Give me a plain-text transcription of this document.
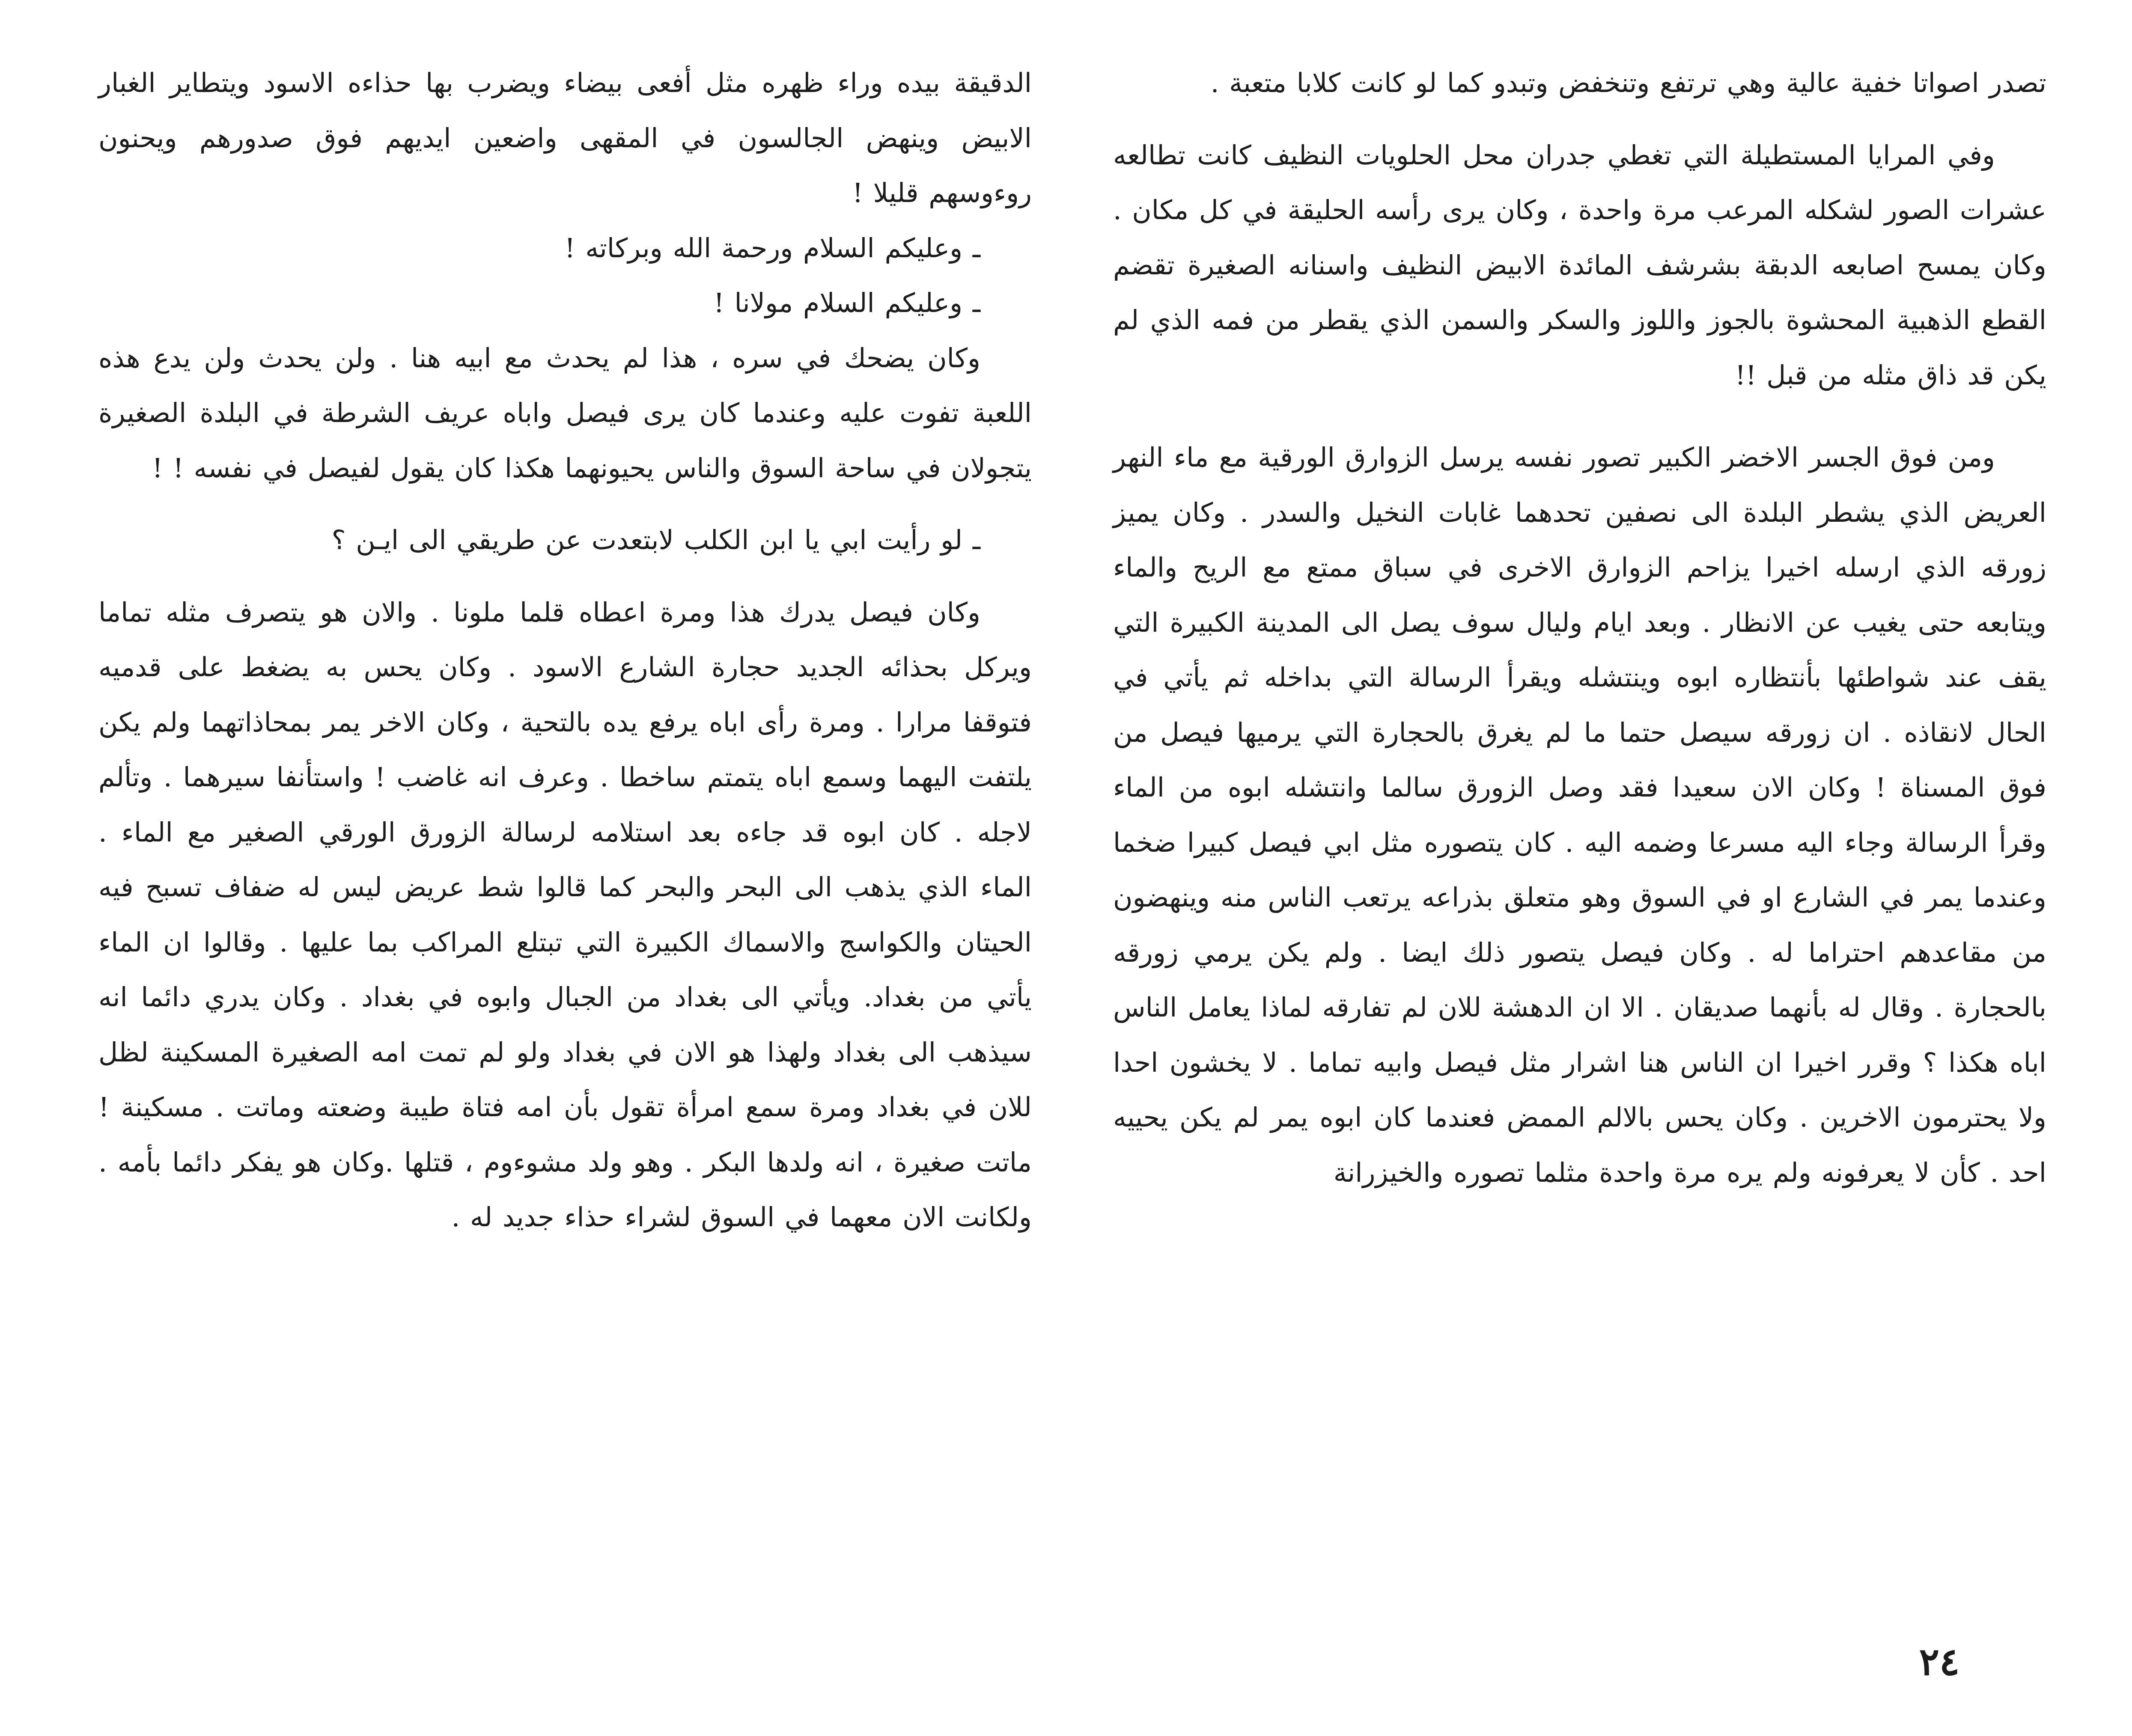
تصدر اصواتا خفية عالية وهي ترتفع وتنخفض وتبدو كما لو كانت كلابا متعبة .

وفي المرايا المستطيلة التي تغطي جدران محل الحلويات النظيف كانت تطالعه عشرات الصور لشكله المرعب مرة واحدة ، وكان يرى رأسه الحليقة في كل مكان . وكان يمسح اصابعه الدبقة بشرشف المائدة الابيض النظيف واسنانه الصغيرة تقضم القطع الذهبية المحشوة بالجوز واللوز والسكر والسمن الذي يقطر من فمه الذي لم يكن قد ذاق مثله من قبل !!

ومن فوق الجسر الاخضر الكبير تصور نفسه يرسل الزوارق الورقية مع ماء النهر العريض الذي يشطر البلدة الى نصفين تحدهما غابات النخيل والسدر . وكان يميز زورقه الذي ارسله اخيرا يزاحم الزوارق الاخرى في سباق ممتع مع الريح والماء ويتابعه حتى يغيب عن الانظار . وبعد ايام وليال سوف يصل الى المدينة الكبيرة التي يقف عند شواطئها بأنتظاره ابوه وينتشله ويقرأ الرسالة التي بداخله ثم يأتي في الحال لانقاذه . ان زورقه سيصل حتما ما لم يغرق بالحجارة التي يرميها فيصل من فوق المسناة ! وكان الان سعيدا فقد وصل الزورق سالما وانتشله ابوه من الماء وقرأ الرسالة وجاء اليه مسرعا وضمه اليه . كان يتصوره مثل ابي فيصل كبيرا ضخما وعندما يمر في الشارع او في السوق وهو متعلق بذراعه يرتعب الناس منه وينهضون من مقاعدهم احتراما له . وكان فيصل يتصور ذلك ايضا . ولم يكن يرمي زورقه بالحجارة . وقال له بأنهما صديقان . الا ان الدهشة للان لم تفارقه لماذا يعامل الناس اباه هكذا ؟ وقرر اخيرا ان الناس هنا اشرار مثل فيصل وابيه تماما . لا يخشون احدا ولا يحترمون الاخرين . وكان يحس بالالم الممض فعندما كان ابوه يمر لم يكن يحييه احد . كأن لا يعرفونه ولم يره مرة واحدة مثلما تصوره والخيزرانة

الدقيقة بيده وراء ظهره مثل أفعى بيضاء ويضرب بها حذاءه الاسود ويتطاير الغبار الابيض وينهض الجالسون في المقهى واضعين ايديهم فوق صدورهم ويحنون روءوسهم قليلا !

ـ وعليكم السلام ورحمة الله وبركاته !

ـ وعليكم السلام مولانا !

وكان يضحك في سره ، هذا لم يحدث مع ابيه هنا . ولن يحدث ولن يدع هذه اللعبة تفوت عليه وعندما كان يرى فيصل واباه عريف الشرطة في البلدة الصغيرة يتجولان في ساحة السوق والناس يحيونهما هكذا كان يقول لفيصل في نفسه ! !

ـ لو رأيت ابي يا ابن الكلب لابتعدت عن طريقي الى ايـن ؟

وكان فيصل يدرك هذا ومرة اعطاه قلما ملونا . والان هو يتصرف مثله تماما ويركل بحذائه الجديد حجارة الشارع الاسود . وكان يحس به يضغط على قدميه فتوقفا مرارا . ومرة رأى اباه يرفع يده بالتحية ، وكان الاخر يمر بمحاذاتهما ولم يكن يلتفت اليهما وسمع اباه يتمتم ساخطا . وعرف انه غاضب ! واستأنفا سيرهما . وتألم لاجله . كان ابوه قد جاءه بعد استلامه لرسالة الزورق الورقي الصغير مع الماء . الماء الذي يذهب الى البحر والبحر كما قالوا شط عريض ليس له ضفاف تسبح فيه الحيتان والكواسج والاسماك الكبيرة التي تبتلع المراكب بما عليها . وقالوا ان الماء يأتي من بغداد. ويأتي الى بغداد من الجبال وابوه في بغداد . وكان يدري دائما انه سيذهب الى بغداد ولهذا هو الان في بغداد ولو لم تمت امه الصغيرة المسكينة لظل للان في بغداد ومرة سمع امرأة تقول بأن امه فتاة طيبة وضعته وماتت . مسكينة ! ماتت صغيرة ، انه ولدها البكر . وهو ولد مشوءوم ، قتلها .وكان هو يفكر دائما بأمه . ولكانت الان معهما في السوق لشراء حذاء جديد له .

٢٤
